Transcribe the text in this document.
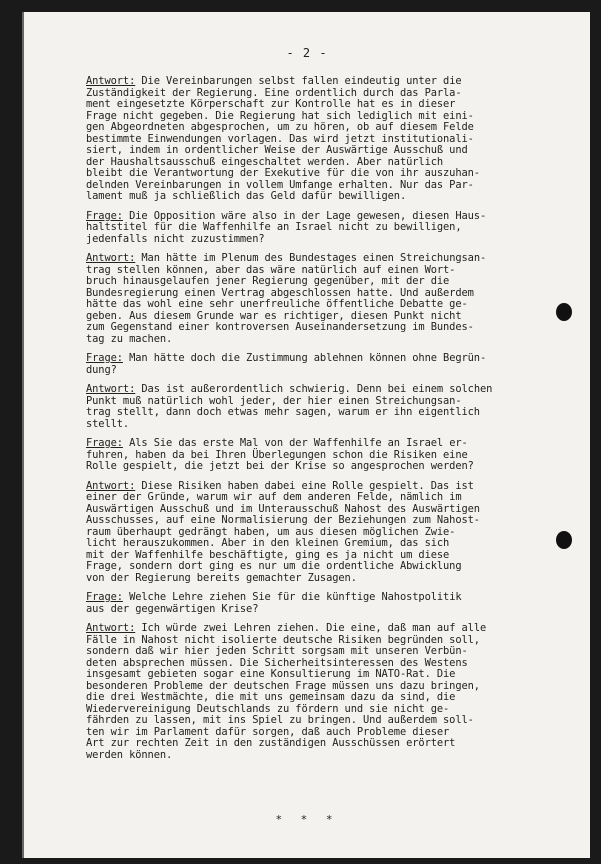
- 2 -
Antwort: Die Vereinbarungen selbst fallen eindeutig unter die
Zuständigkeit der Regierung. Eine ordentlich durch das Parla-
ment eingesetzte Körperschaft zur Kontrolle hat es in dieser
Frage nicht gegeben. Die Regierung hat sich lediglich mit eini-
gen Abgeordneten abgesprochen, um zu hören, ob auf diesem Felde
bestimmte Einwendungen vorlagen. Das wird jetzt institutionali-
siert, indem in ordentlicher Weise der Auswärtige Ausschuß und
der Haushaltsausschuß eingeschaltet werden. Aber natürlich
bleibt die Verantwortung der Exekutive für die von ihr auszuhan-
delnden Vereinbarungen in vollem Umfange erhalten. Nur das Par-
lament muß ja schließlich das Geld dafür bewilligen.
Frage: Die Opposition wäre also in der Lage gewesen, diesen Haus-
haltstitel für die Waffenhilfe an Israel nicht zu bewilligen,
jedenfalls nicht zuzustimmen?
Antwort: Man hätte im Plenum des Bundestages einen Streichungsan-
trag stellen können, aber das wäre natürlich auf einen Wort-
bruch hinausgelaufen jener Regierung gegenüber, mit der die
Bundesregierung einen Vertrag abgeschlossen hatte. Und außerdem
hätte das wohl eine sehr unerfreuliche öffentliche Debatte ge-
geben. Aus diesem Grunde war es richtiger, diesen Punkt nicht
zum Gegenstand einer kontroversen Auseinandersetzung im Bundes-
tag zu machen.
Frage: Man hätte doch die Zustimmung ablehnen können ohne Begrün-
dung?
Antwort: Das ist außerordentlich schwierig. Denn bei einem solchen
Punkt muß natürlich wohl jeder, der hier einen Streichungsan-
trag stellt, dann doch etwas mehr sagen, warum er ihn eigentlich
stellt.
Frage: Als Sie das erste Mal von der Waffenhilfe an Israel er-
fuhren, haben da bei Ihren Überlegungen schon die Risiken eine
Rolle gespielt, die jetzt bei der Krise so angesprochen werden?
Antwort: Diese Risiken haben dabei eine Rolle gespielt. Das ist
einer der Gründe, warum wir auf dem anderen Felde, nämlich im
Auswärtigen Ausschuß und im Unterausschuß Nahost des Auswärtigen
Ausschusses, auf eine Normalisierung der Beziehungen zum Nahost-
raum überhaupt gedrängt haben, um aus diesen möglichen Zwie-
licht herauszukommen. Aber in den kleinen Gremium, das sich
mit der Waffenhilfe beschäftigte, ging es ja nicht um diese
Frage, sondern dort ging es nur um die ordentliche Abwicklung
von der Regierung bereits gemachter Zusagen.
Frage: Welche Lehre ziehen Sie für die künftige Nahostpolitik
aus der gegenwärtigen Krise?
Antwort: Ich würde zwei Lehren ziehen. Die eine, daß man auf alle
Fälle in Nahost nicht isolierte deutsche Risiken begründen soll,
sondern daß wir hier jeden Schritt sorgsam mit unseren Verbün-
deten absprechen müssen. Die Sicherheitsinteressen des Westens
insgesamt gebieten sogar eine Konsultierung im NATO-Rat. Die
besonderen Probleme der deutschen Frage müssen uns dazu bringen,
die drei Westmächte, die mit uns gemeinsam dazu da sind, die
Wiedervereinigung Deutschlands zu fördern und sie nicht ge-
fährden zu lassen, mit ins Spiel zu bringen. Und außerdem soll-
ten wir im Parlament dafür sorgen, daß auch Probleme dieser
Art zur rechten Zeit in den zuständigen Ausschüssen erörtert
werden können.
* * *
